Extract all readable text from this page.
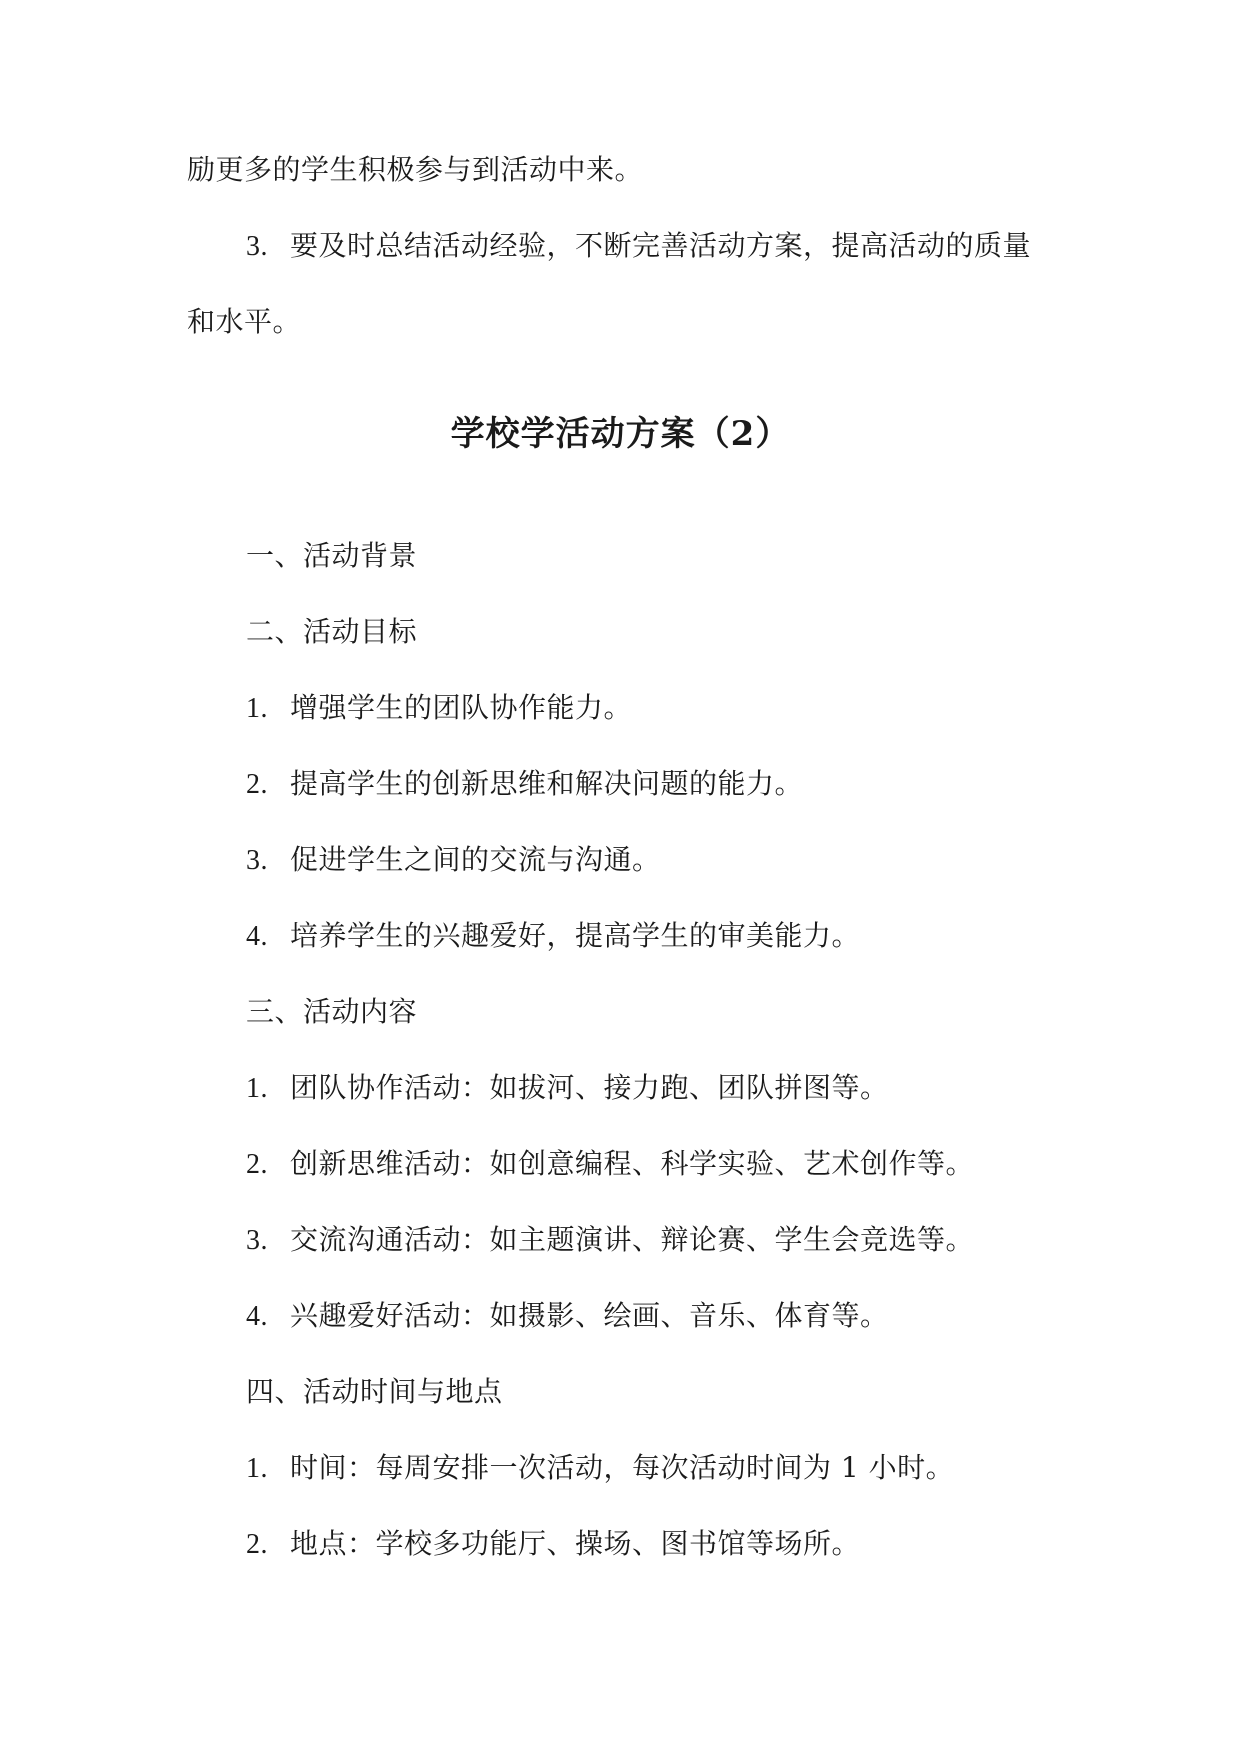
励更多的学生积极参与到活动中来。
3. 要及时总结活动经验，不断完善活动方案，提高活动的质量
和水平。
学校学活动方案（2）
一、活动背景
二、活动目标
1. 增强学生的团队协作能力。
2. 提高学生的创新思维和解决问题的能力。
3. 促进学生之间的交流与沟通。
4. 培养学生的兴趣爱好，提高学生的审美能力。
三、活动内容
1. 团队协作活动：如拔河、接力跑、团队拼图等。
2. 创新思维活动：如创意编程、科学实验、艺术创作等。
3. 交流沟通活动：如主题演讲、辩论赛、学生会竞选等。
4. 兴趣爱好活动：如摄影、绘画、音乐、体育等。
四、活动时间与地点
1. 时间：每周安排一次活动，每次活动时间为 1 小时。
2. 地点：学校多功能厅、操场、图书馆等场所。
